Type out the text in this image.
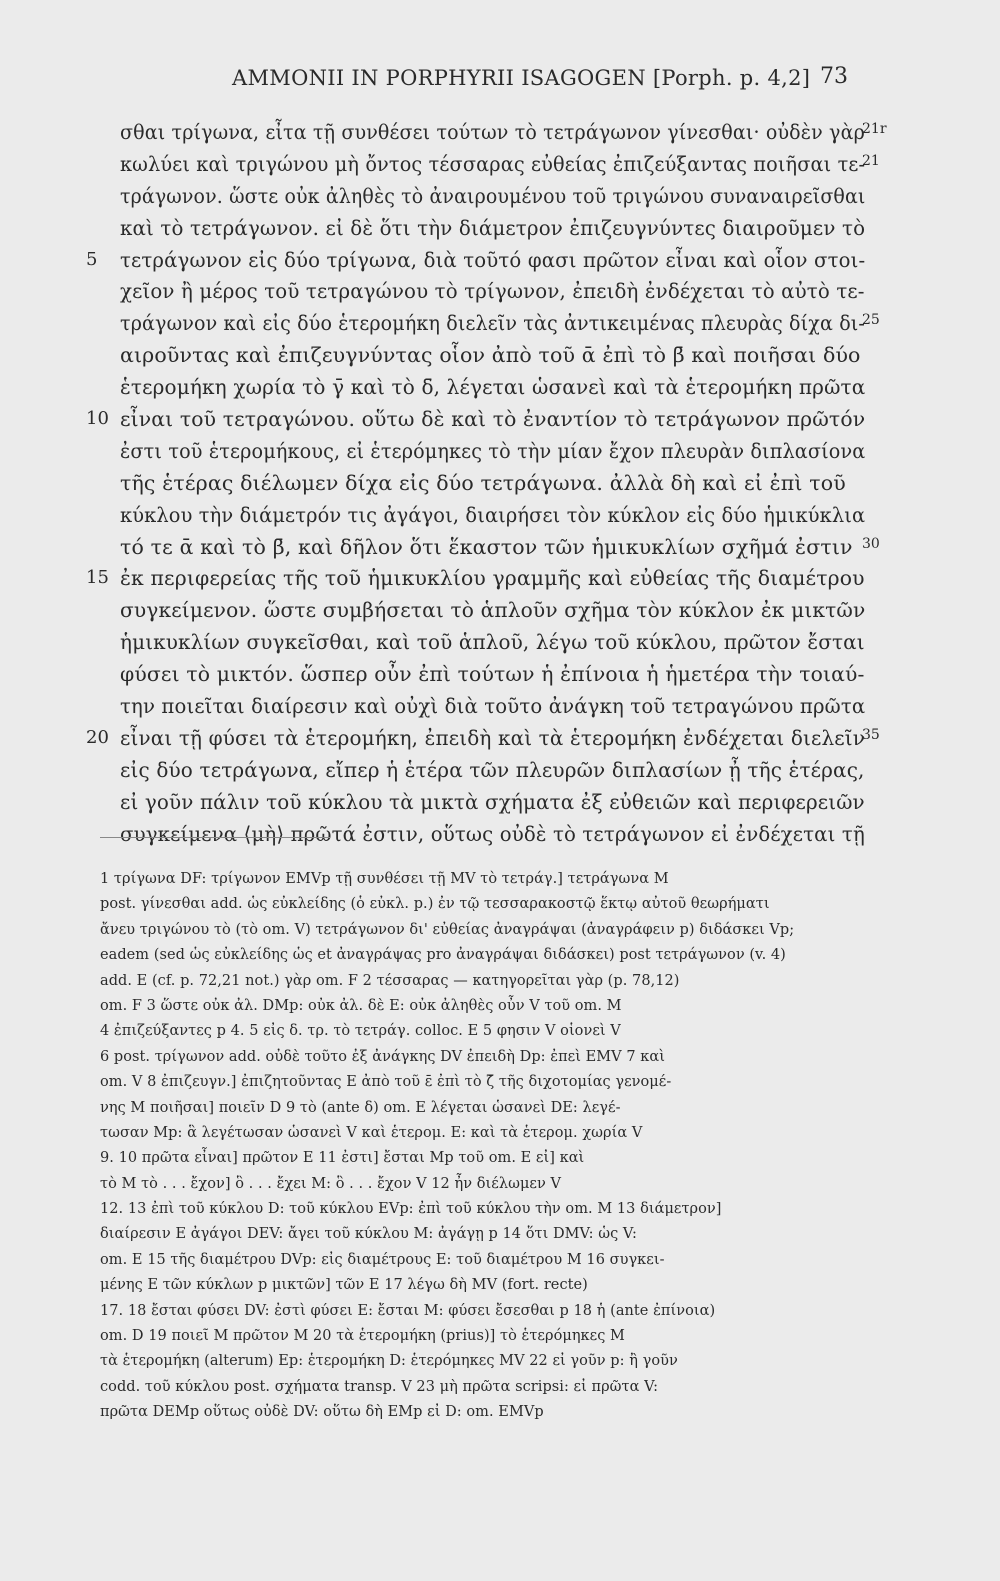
AMMONII IN PORPHYRII ISAGOGEN [Porph. p. 4,2] 73
σθαι τρίγωνα, εἶτα τῇ συνθέσει τούτων τὸ τετράγωνον γίνεσθαι· οὐδὲν γὰρ
21r
κωλύει καὶ τριγώνου μὴ ὄντος τέσσαρας εὐθείας ἐπιζεύξαντας ποιῆσαι τε-
21
τράγωνον. ὥστε οὐκ ἀληθὲς τὸ ἀναιρουμένου τοῦ τριγώνου συναναιρεῖσθαι
καὶ τὸ τετράγωνον. εἰ δὲ ὅτι τὴν διάμετρον ἐπιζευγνύντες διαιροῦμεν τὸ
5 τετράγωνον εἰς δύο τρίγωνα, διὰ τοῦτό φασι πρῶτον εἶναι καὶ οἷον στοι-
χεῖον ἢ μέρος τοῦ τετραγώνου τὸ τρίγωνον, ἐπειδὴ ἐνδέχεται τὸ αὐτὸ τε-
τράγωνον καὶ εἰς δύο ἑτερομήκη διελεῖν τὰς ἀντικειμένας πλευρὰς δίχα δι-
25
αιροῦντας καὶ ἐπιζευγνύντας οἷον ἀπὸ τοῦ ᾱ ἐπὶ τὸ β̄ καὶ ποιῆσαι δύο
ἑτερομήκη χωρία τὸ γ̄ καὶ τὸ δ̄, λέγεται ὡσανεὶ καὶ τὰ ἑτερομήκη πρῶτα
10 εἶναι τοῦ τετραγώνου. οὕτω δὲ καὶ τὸ ἐναντίον τὸ τετράγωνον πρῶτόν
ἐστι τοῦ ἑτερομήκους, εἰ ἑτερόμηκες τὸ τὴν μίαν ἔχον πλευρὰν διπλασίονα
τῆς ἑτέρας διέλωμεν δίχα εἰς δύο τετράγωνα. ἀλλὰ δὴ καὶ εἰ ἐπὶ τοῦ
κύκλου τὴν διάμετρόν τις ἀγάγοι, διαιρήσει τὸν κύκλον εἰς δύο ἡμικύκλια
τό τε ᾱ καὶ τὸ β̄, καὶ δῆλον ὅτι ἕκαστον τῶν ἡμικυκλίων σχῆμά ἐστιν 30
15 ἐκ περιφερείας τῆς τοῦ ἡμικυκλίου γραμμῆς καὶ εὐθείας τῆς διαμέτρου
συγκείμενον. ὥστε συμβήσεται τὸ ἁπλοῦν σχῆμα τὸν κύκλον ἐκ μικτῶν
ἡμικυκλίων συγκεῖσθαι, καὶ τοῦ ἁπλοῦ, λέγω τοῦ κύκλου, πρῶτον ἔσται
φύσει τὸ μικτόν. ὥσπερ οὖν ἐπὶ τούτων ἡ ἐπίνοια ἡ ἡμετέρα τὴν τοιαύ-
την ποιεῖται διαίρεσιν καὶ οὐχὶ διὰ τοῦτο ἀνάγκη τοῦ τετραγώνου πρῶτα
20 εἶναι τῇ φύσει τὰ ἑτερομήκη, ἐπειδὴ καὶ τὰ ἑτερομήκη ἐνδέχεται διελεῖν
35
εἰς δύο τετράγωνα, εἴπερ ἡ ἑτέρα τῶν πλευρῶν διπλασίων ᾖ τῆς ἑτέρας,
εἰ γοῦν πάλιν τοῦ κύκλου τὰ μικτὰ σχήματα ἐξ εὐθειῶν καὶ περιφερειῶν
συγκείμενα ⟨μὴ⟩ πρῶτά ἐστιν, οὕτως οὐδὲ τὸ τετράγωνον εἰ ἐνδέχεται τῇ
1 τρίγωνα DF: τρίγωνον EMVp τῇ συνθέσει τῇ MV τὸ τετράγ.] τετράγωνα M
post. γίνεσθαι add. ὡς εὐκλείδης (ὁ εὐκλ. p.) ἐν τῷ τεσσαρακοστῷ ἕκτῳ αὐτοῦ θεωρήματι
ἄνευ τριγώνου τὸ (τὸ om. V) τετράγωνον δι' εὐθείας ἀναγράψαι (ἀναγράφειν p) διδάσκει Vp;
eadem (sed ὡς εὐκλείδης ὡς et ἀναγράψας pro ἀναγράψαι διδάσκει) post τετράγωνον (v. 4)
add. E (cf. p. 72,21 not.) γὰρ om. F 2 τέσσαρας — κατηγορεῖται γὰρ (p. 78,12)
om. F 3 ὥστε οὐκ ἀλ. DMp: οὐκ ἀλ. δὲ E: οὐκ ἀληθὲς οὖν V τοῦ om. M
4 ἐπιζεύξαντες p 4. 5 εἰς δ. τρ. τὸ τετράγ. colloc. E 5 φησιν V οἱονεὶ V
6 post. τρίγωνον add. οὐδὲ τοῦτο ἐξ ἀνάγκης DV ἐπειδὴ Dp: ἐπεὶ EMV 7 καὶ
om. V 8 ἐπιζευγν.] ἐπιζητοῦντας E ἀπὸ τοῦ ε̄ ἐπὶ τὸ ζ̄ τῆς διχοτομίας γενομέ-
νης M ποιῆσαι] ποιεῖν D 9 τὸ (ante δ) om. E λέγεται ὡσανεὶ DE: λεγέ-
τωσαν Mp: ἃ λεγέτωσαν ὡσανεὶ V καὶ ἑτερομ. E: καὶ τὰ ἑτερομ. χωρία V
9. 10 πρῶτα εἶναι] πρῶτον E 11 ἐστι] ἔσται Mp τοῦ om. E εἰ] καὶ
τὸ M τὸ . . . ἔχον] ὃ . . . ἔχει M: ὃ . . . ἔχον V 12 ἦν διέλωμεν V
12. 13 ἐπὶ τοῦ κύκλου D: τοῦ κύκλου EVp: ἐπὶ τοῦ κύκλου τὴν om. M 13 διάμετρον]
διαίρεσιν E ἀγάγοι DEV: ἄγει τοῦ κύκλου M: ἀγάγῃ p 14 ὅτι DMV: ὡς V:
om. E 15 τῆς διαμέτρου DVp: εἰς διαμέτρους E: τοῦ διαμέτρου M 16 συγκει-
μένης E τῶν κύκλων p μικτῶν] τῶν E 17 λέγω δὴ MV (fort. recte)
17. 18 ἔσται φύσει DV: ἐστὶ φύσει E: ἔσται M: φύσει ἔσεσθαι p 18 ἡ (ante ἐπίνοια)
om. D 19 ποιεῖ M πρῶτον M 20 τὰ ἑτερομήκη (prius)] τὸ ἑτερόμηκες M
τὰ ἑτερομήκη (alterum) Ep: ἑτερομήκη D: ἑτερόμηκες MV 22 εἰ γοῦν p: ἢ γοῦν
codd. τοῦ κύκλου post. σχήματα transp. V 23 μὴ πρῶτα scripsi: εἰ πρῶτα V:
πρῶτα DEMp οὕτως οὐδὲ DV: οὕτω δὴ EMp εἰ D: om. EMVp
